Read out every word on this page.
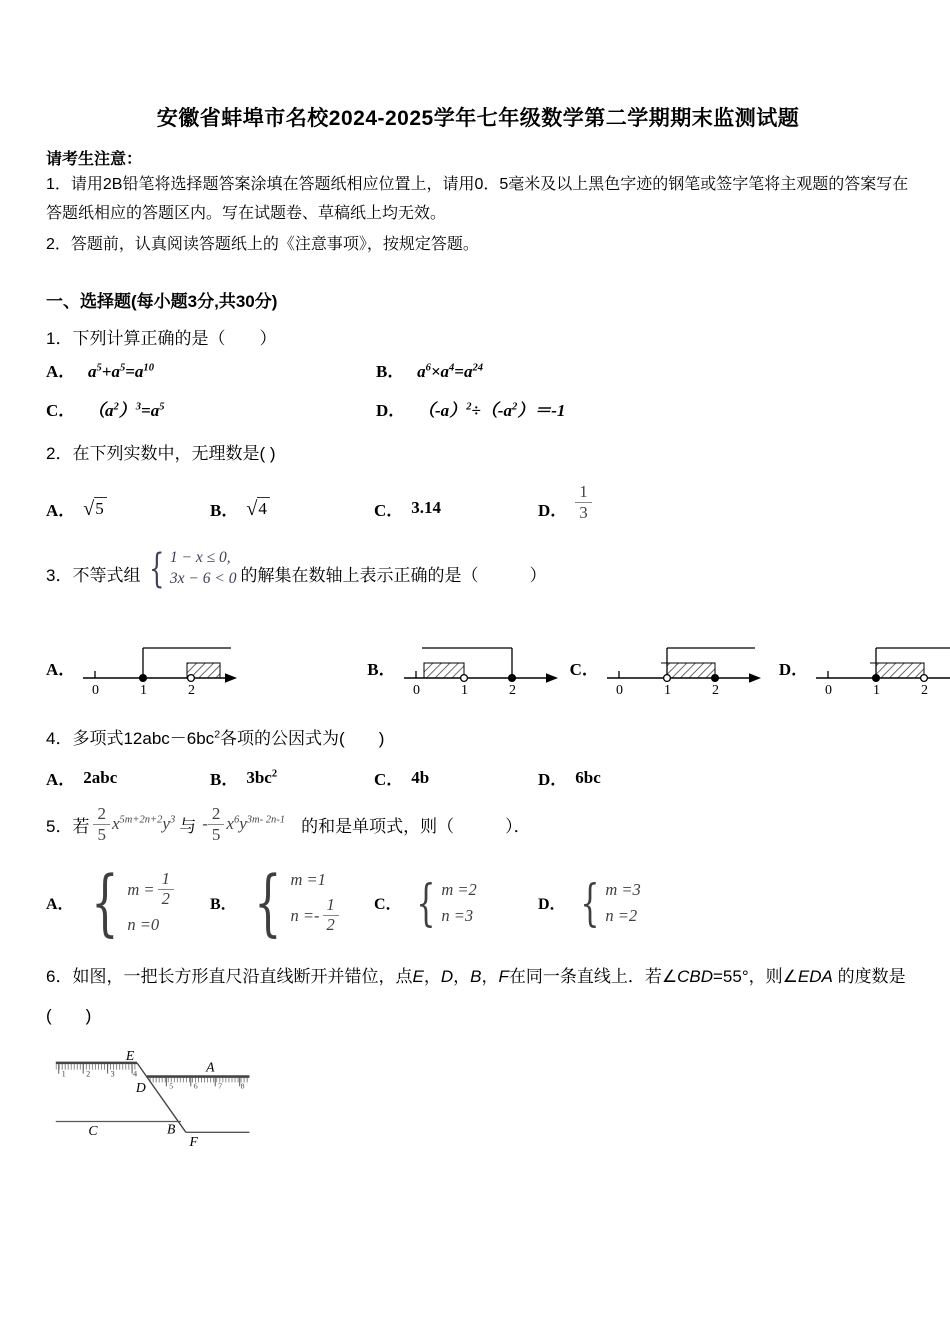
安徽省蚌埠市名校2024-2025学年七年级数学第二学期期末监测试题
请考生注意：
1．请用2B铅笔将选择题答案涂填在答题纸相应位置上，请用0．5毫米及以上黑色字迹的钢笔或签字笔将主观题的答案写在答题纸相应的答题区内。写在试题卷、草稿纸上均无效。
2．答题前，认真阅读答题纸上的《注意事项》，按规定答题。
一、选择题(每小题3分,共30分)
1．下列计算正确的是（　　）
A． $a^5+a^5=a^{10}$	B． $a^6\times a^4=a^{24}$
C． $(a^2)^3=a^5$	D． $(-a)^2\div(-a^2)=-1$
2．在下列实数中，无理数是( )
A． √ 5	B． √ 4	C． 3.14	D． $\frac{1}{3}$
3．不等式组 { 1 − x ≤ 0,
3x − 6 < 0 的解集在数轴上表示正确的是（　　　）
A．
0	1	2
B．
0	1	2
C．
0	1	2
D．
0	1	2
4．多项式$12abc-6bc^2$各项的公因式为(　　)
A． 2abc	B． $3bc^2$	C． 4b	D． 6bc
5． 若 $\frac{2}{5} x^{5m+2n+2}y^3$ 与 - $\frac{2}{5} x^6y^{3m- 2n-1}$ 的和是单项式，则（　　　）．
A． { $m = \frac{1}{2}$
n =0
B． { m =1
$n =- \frac{1}{2}$ C． { m =2
n =3
D． { m =3
n =2
6．如图，一把长方形直尺沿直线断开并错位，点E，D，B，F在同一条直线上．若∠CBD=55°，则∠EDA 的度数是(　　)
1 2 3 4
5	6	7 8
E
D
A
C	B
F
